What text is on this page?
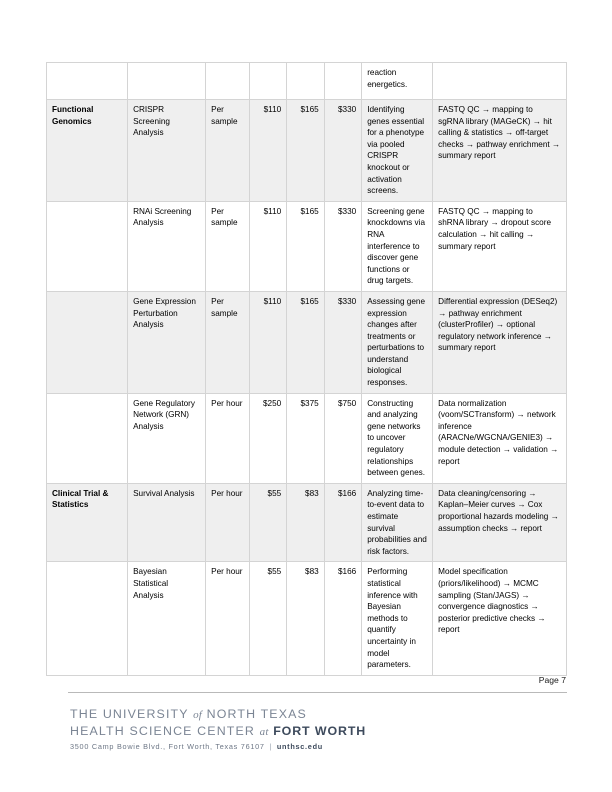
						reaction energetics.	
Functional Genomics	CRISPR Screening Analysis	Per sample	$110	$165	$330	Identifying genes essential for a phenotype via pooled CRISPR knockout or activation screens.	FASTQ QC → mapping to sgRNA library (MAGeCK) → hit calling & statistics → off-target checks → pathway enrichment → summary report
	RNAi Screening Analysis	Per sample	$110	$165	$330	Screening gene knockdowns via RNA interference to discover gene functions or drug targets.	FASTQ QC → mapping to shRNA library → dropout score calculation → hit calling → summary report
	Gene Expression Perturbation Analysis	Per sample	$110	$165	$330	Assessing gene expression changes after treatments or perturbations to understand biological responses.	Differential expression (DESeq2) → pathway enrichment (clusterProfiler) → optional regulatory network inference → summary report
	Gene Regulatory Network (GRN) Analysis	Per hour	$250	$375	$750	Constructing and analyzing gene networks to uncover regulatory relationships between genes.	Data normalization (voom/SCTransform) → network inference (ARACNe/WGCNA/GENIE3) → module detection → validation → report
Clinical Trial & Statistics	Survival Analysis	Per hour	$55	$83	$166	Analyzing time-to-event data to estimate survival probabilities and risk factors.	Data cleaning/censoring → Kaplan–Meier curves → Cox proportional hazards modeling → assumption checks → report
	Bayesian Statistical Analysis	Per hour	$55	$83	$166	Performing statistical inference with Bayesian methods to quantify uncertainty in model parameters.	Model specification (priors/likelihood) → MCMC sampling (Stan/JAGS) → convergence diagnostics → posterior predictive checks → report
Page 7
THE UNIVERSITY of NORTH TEXAS
HEALTH SCIENCE CENTER at FORT WORTH
3500 Camp Bowie Blvd., Fort Worth, Texas 76107 | unthsc.edu
